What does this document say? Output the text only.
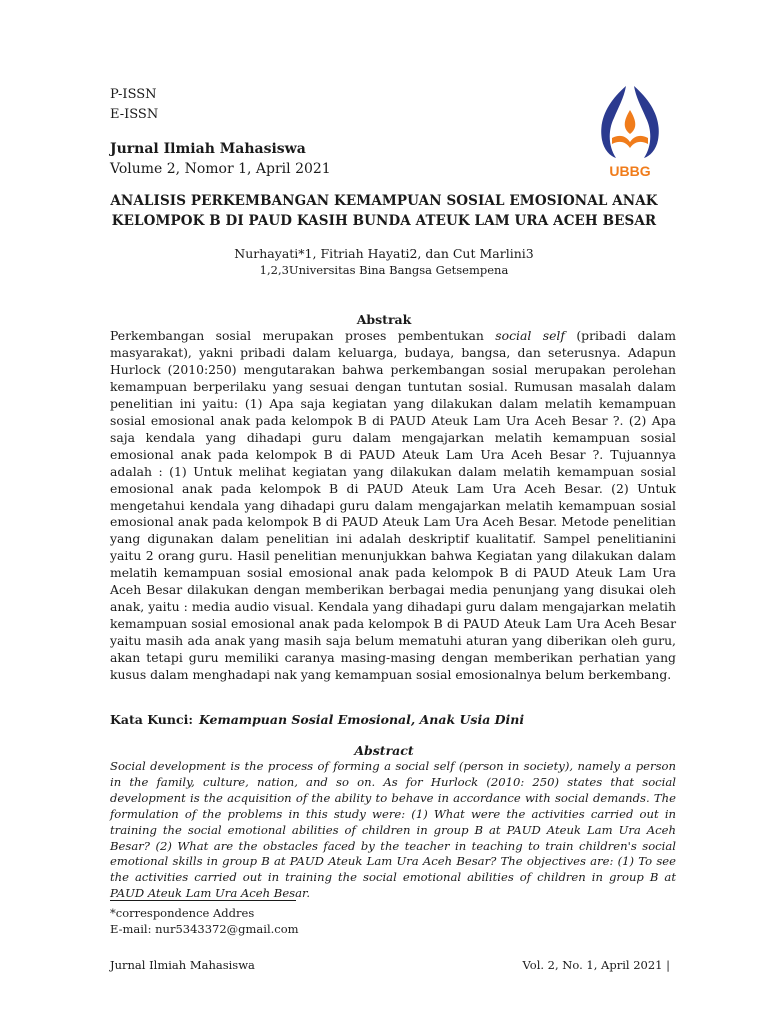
P-ISSN
E-ISSN
Jurnal Ilmiah Mahasiswa
Volume 2, Nomor 1, April 2021	UBBG
ANALISIS PERKEMBANGAN KEMAMPUAN SOSIAL EMOSIONAL ANAK
KELOMPOK B DI PAUD KASIH BUNDA ATEUK LAM URA ACEH BESAR
Nurhayati*1, Fitriah Hayati2, dan Cut Marlini3
1,2,3Universitas Bina Bangsa Getsempena
Abstrak
Perkembangan sosial merupakan proses pembentukan social self (pribadi dalam masyarakat), yakni pribadi dalam keluarga, budaya, bangsa, dan seterusnya. Adapun Hurlock (2010:250) mengutarakan bahwa perkembangan sosial merupakan perolehan kemampuan berperilaku yang sesuai dengan tuntutan sosial. Rumusan masalah dalam penelitian ini yaitu: (1) Apa saja kegiatan yang dilakukan dalam melatih kemampuan sosial emosional anak pada kelompok B di PAUD Ateuk Lam Ura Aceh Besar ?. (2) Apa saja kendala yang dihadapi guru dalam mengajarkan melatih kemampuan sosial emosional anak pada kelompok B di PAUD Ateuk Lam Ura Aceh Besar ?. Tujuannya adalah : (1) Untuk melihat kegiatan yang dilakukan dalam melatih kemampuan sosial emosional anak pada kelompok B di PAUD Ateuk Lam Ura Aceh Besar. (2) Untuk mengetahui kendala yang dihadapi guru dalam mengajarkan melatih kemampuan sosial emosional anak pada kelompok B di PAUD Ateuk Lam Ura Aceh Besar. Metode penelitian yang digunakan dalam penelitian ini adalah deskriptif kualitatif. Sampel penelitianini yaitu 2 orang guru. Hasil penelitian menunjukkan bahwa Kegiatan yang dilakukan dalam melatih kemampuan sosial emosional anak pada kelompok B di PAUD Ateuk Lam Ura Aceh Besar dilakukan dengan memberikan berbagai media penunjang yang disukai oleh anak, yaitu : media audio visual. Kendala yang dihadapi guru dalam mengajarkan melatih kemampuan sosial emosional anak pada kelompok B di PAUD Ateuk Lam Ura Aceh Besar yaitu masih ada anak yang masih saja belum mematuhi aturan yang diberikan oleh guru, akan tetapi guru memiliki caranya masing-masing dengan memberikan perhatian yang kusus dalam menghadapi nak yang kemampuan sosial emosionalnya belum berkembang.
Kata Kunci: Kemampuan Sosial Emosional, Anak Usia Dini
Abstract
Social development is the process of forming a social self (person in society), namely a person in the family, culture, nation, and so on. As for Hurlock (2010: 250) states that social development is the acquisition of the ability to behave in accordance with social demands. The formulation of the problems in this study were: (1) What were the activities carried out in training the social emotional abilities of children in group B at PAUD Ateuk Lam Ura Aceh Besar? (2) What are the obstacles faced by the teacher in teaching to train children's social emotional skills in group B at PAUD Ateuk Lam Ura Aceh Besar? The objectives are: (1) To see the activities carried out in training the social emotional abilities of children in group B at PAUD Ateuk Lam Ura Aceh Besar.
*correspondence Addres
E-mail: nur5343372@gmail.com
Jurnal Ilmiah Mahasiswa	Vol. 2, No. 1, April 2021 |
